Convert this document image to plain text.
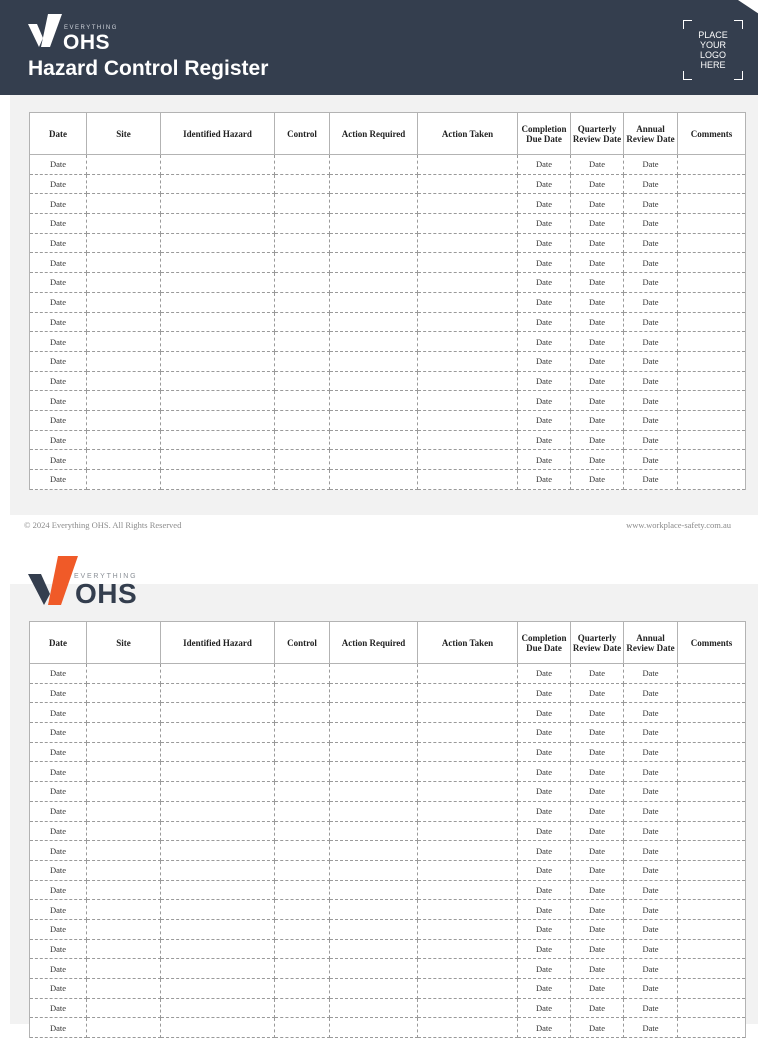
EVERYTHING
OHS
Hazard Control Register
PLACE
YOUR
LOGO
HERE
Date	Site	Identified Hazard	Control	Action Required	Action Taken	Completion Due Date	Quarterly Review Date	Annual Review Date	Comments
Date						Date	Date	Date	
Date						Date	Date	Date	
Date						Date	Date	Date	
Date						Date	Date	Date	
Date						Date	Date	Date	
Date						Date	Date	Date	
Date						Date	Date	Date	
Date						Date	Date	Date	
Date						Date	Date	Date	
Date						Date	Date	Date	
Date						Date	Date	Date	
Date						Date	Date	Date	
Date						Date	Date	Date	
Date						Date	Date	Date	
Date						Date	Date	Date	
Date						Date	Date	Date	
Date						Date	Date	Date	
© 2024 Everything OHS. All Rights Reserved	www.workplace-safety.com.au
EVERYTHING
OHS
Date	Site	Identified Hazard	Control	Action Required	Action Taken	Completion Due Date	Quarterly Review Date	Annual Review Date	Comments
Date						Date	Date	Date	
Date						Date	Date	Date	
Date						Date	Date	Date	
Date						Date	Date	Date	
Date						Date	Date	Date	
Date						Date	Date	Date	
Date						Date	Date	Date	
Date						Date	Date	Date	
Date						Date	Date	Date	
Date						Date	Date	Date	
Date						Date	Date	Date	
Date						Date	Date	Date	
Date						Date	Date	Date	
Date						Date	Date	Date	
Date						Date	Date	Date	
Date						Date	Date	Date	
Date						Date	Date	Date	
Date						Date	Date	Date	
Date						Date	Date	Date	
